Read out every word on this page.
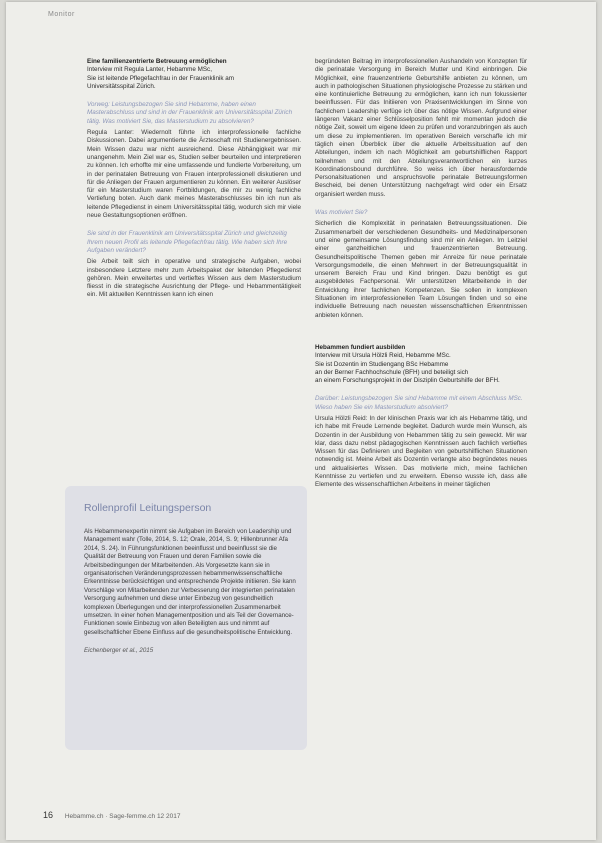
Monitor
Eine familienzentrierte Betreuung ermöglichen
Interview mit Regula Lanter, Hebamme MSc,
Sie ist leitende Pflegefachfrau in der Frauenklinik am
Universitätsspital Zürich.

Vorweg: Leistungsbezogen Sie sind Hebamme, haben einen Masterabschluss und sind in der Frauenklinik am Universitätsspital Zürich tätig. Was motiviert Sie, das Masterstudium zu absolvieren?

Regula Lanter: Wiedernolt führte ich interprofessionelle fachliche Diskussionen. Dabei argumentierte die Ärzteschaft mit Studienergebnissen. Mein Wissen dazu war nicht ausreichend. Diese Abhängigkeit war mir unangenehm. Mein Ziel war es, Studien selber beurteilen und interpretieren zu können. Ich erhoffte mir eine umfassende und fundierte Vorbereitung, um in der perinatalen Betreuung von Frauen interprofessionell diskutieren und für die Anliegen der Frauen argumentieren zu können. Ein weiterer Auslöser für ein Masterstudium waren Fortbildungen, die mir zu wenig fachliche Vertiefung boten. Auch dank meines Masterabschlusses bin ich nun als leitende Pflegedienst in einem Universitätsspital tätig, wodurch sich mir viele neue Gestaltungsoptionen eröffnen.

Sie sind in der Frauenklinik am Universitätsspital Zürich und gleichzeitig Ihrem neuen Profil als leitende Pflegefachfrau tätig. Wie haben sich Ihre Aufgaben verändert?

Die Arbeit teilt sich in operative und strategische Aufgaben, wobei insbesondere Letztere mehr zum Arbeitspaket der leitenden Pflegedienst gehören. Mein erweitertes und vertieftes Wissen aus dem Masterstudium fliesst in die strategische Ausrichtung der Pflege- und Hebammentätigkeit ein. Mit aktuellen Kenntnissen kann ich einen

begründeten Beitrag im interprofessionellen Aushandeln von Konzepten für die perinatale Versorgung im Bereich Mutter und Kind einbringen. Die Möglichkeit, eine frauenzentrierte Geburtshilfe anbieten zu können, um auch in pathologischen Situationen physiologische Prozesse zu stärken und eine kontinuierliche Betreuung zu ermöglichen, kann ich nun fokussierter beeinflussen. Für das Initiieren von Praxisentwicklungen im Sinne von fachlichem Leadership verfüge ich über das nötige Wissen. Aufgrund einer längeren Vakanz einer Schlüsselposition fehlt mir momentan jedoch die nötige Zeit, soweit um eigene Ideen zu prüfen und voranzubringen als auch um diese zu implementieren. Im operativen Bereich verschaffe ich mir täglich einen Überblick über die aktuelle Arbeitssituation auf den Abteilungen, indem ich nach Möglichkeit am geburtshilflichen Rapport teilnehmen und mit den Abteilungsverantwortlichen ein kurzes Koordinationsbound durchführe. So weiss ich über herausfordernde Personalsituationen und anspruchsvolle perinatale Betreuungsformen Bescheid, bei denen Unterstützung nachgefragt wird oder ein Ersatz organisiert werden muss.

Was motiviert Sie?

Sicherlich die Komplexität in perinatalen Betreuungssituationen. Die Zusammenarbeit der verschiedenen Gesundheits- und Medizinalpersonen und eine gemeinsame Lösungsfindung sind mir ein Anliegen. Im Leitziel einer ganzheitlichen und frauenzentrierten Betreuung. Gesundheitspolitische Themen geben mir Anreize für neue perinatale Versorgungsmodelle, die einen Mehrwert in der Betreuungsqualität in unserem Bereich Frau und Kind bringen. Dazu benötigt es gut ausgebildetes Fachpersonal. Wir unterstützen Mitarbeitende in der Entwicklung ihrer fachlichen Kompetenzen. Sie sollen in komplexen Situationen im interprofessionellen Team Lösungen finden und so eine individuelle Betreuung nach neuesten wissenschaftlichen Erkenntnissen anbieten können.

Hebammen fundiert ausbilden
Interview mit Ursula Hölzli Reid, Hebamme MSc.
Sie ist Dozentin im Studiengang BSc Hebamme
an der Berner Fachhochschule (BFH) und beteiligt sich
an einem Forschungsprojekt in der Disziplin Geburtshilfe der BFH.

Darüber: Leistungsbezogen Sie sind Hebamme mit einem Abschluss MSc. Wieso haben Sie ein Masterstudium absolviert?

Ursula Hölzli Reid: In der klinischen Praxis war ich als Hebamme tätig, und ich habe mit Freude Lernende begleitet. Dadurch wurde mein Wunsch, als Dozentin in der Ausbildung von Hebammen tätig zu sein geweckt. Mir war klar, dass dazu nebst pädagogischen Kenntnissen auch fachlich vertieftes Wissen für das Definieren und Begleiten von geburtshilflichen Situationen notwendig ist. Meine Arbeit als Dozentin verlangte also begründetes neues und aktualisiertes Wissen. Das motivierte mich, meine fachlichen Kenntnisse zu vertiefen und zu erweitern. Ebenso wusste ich, dass alle Elemente des wissenschaftlichen Arbeitens in meiner täglichen

Rollenprofil Leitungsperson

Als Hebammenexpertin nimmt sie Aufgaben im Bereich von Leadership und Management wahr (Tolle, 2014, S. 12; Orale, 2014, S. 9; Hillenbrunner Afa 2014, S. 24). In Führungsfunktionen beeinflusst und beeinflusst sie die Qualität der Betreuung von Frauen und deren Familien sowie die Arbeitsbedingungen der Mitarbeitenden. Als Vorgesetzte kann sie in organisatorischen Veränderungsprozessen hebammenwissenschaftliche Erkenntnisse berücksichtigen und entsprechende Projekte initiieren. Sie kann Vorschläge von Mitarbeitenden zur Verbesserung der integrierten perinatalen Versorgung aufnehmen und diese unter Einbezug von gesundheitlich komplexen Überlegungen und der interprofessionellen Zusammenarbeit umsetzen. In einer hohen Managementposition und als Teil der Governance-Funktionen sowie Einbezug von allen Beteiligten aus und nimmt auf gesellschaftlicher Ebene Einfluss auf die gesundheitspolitische Entwicklung.

Eichenberger et al., 2015

16 Hebamme.ch · Sage-femme.ch 12 2017
